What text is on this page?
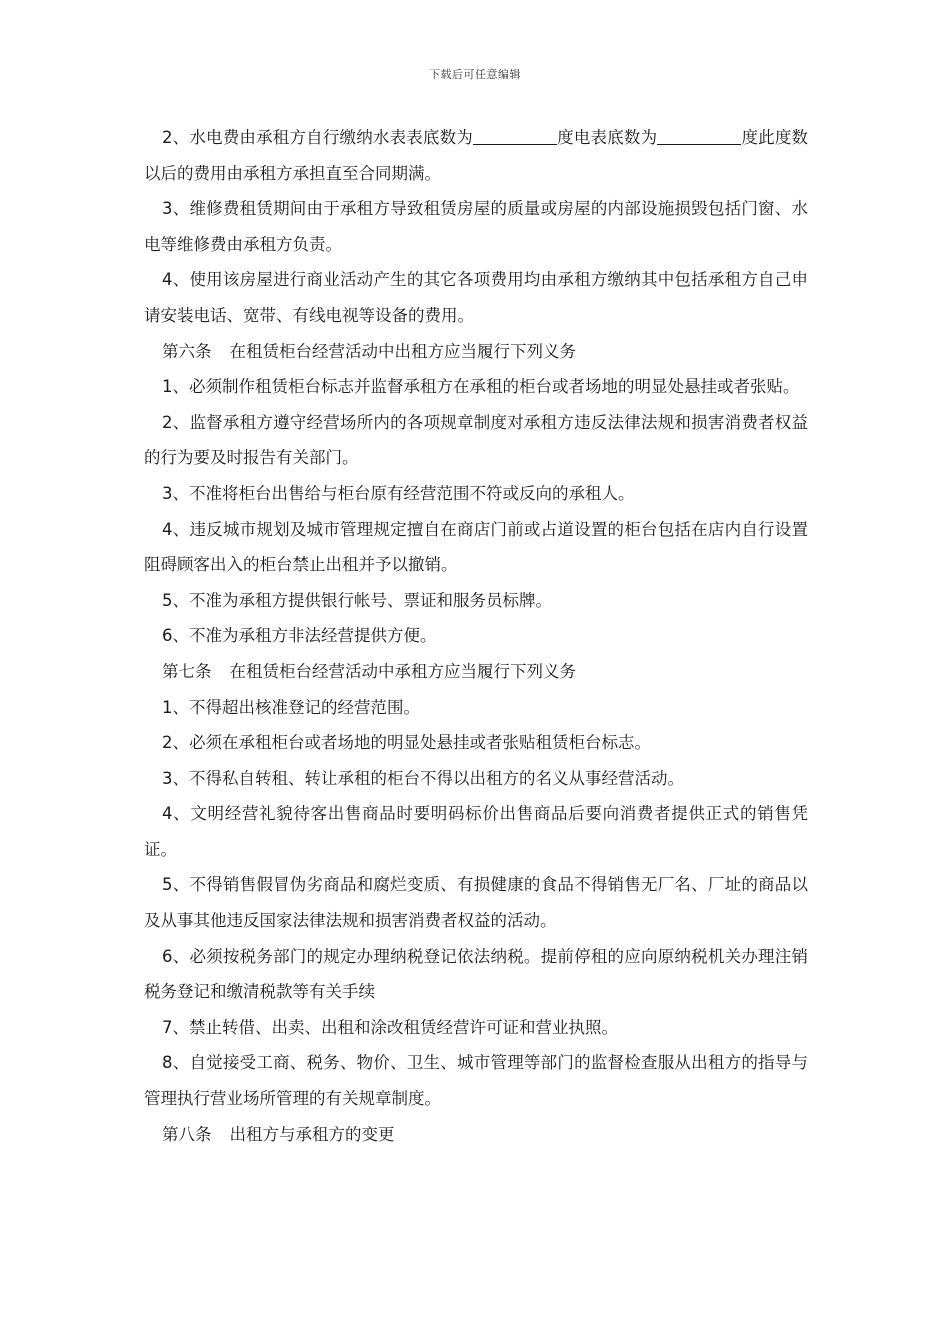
下载后可任意编辑

2、水电费由承租方自行缴纳水表表底数为	度电表底数为	度此度数以后的费用由承租方承担直至合同期满。

3、维修费租赁期间由于承租方导致租赁房屋的质量或房屋的内部设施损毁包括门窗、水电等维修费由承租方负责。

4、使用该房屋进行商业活动产生的其它各项费用均由承租方缴纳其中包括承租方自己申请安装电话、宽带、有线电视等设备的费用。

第六条 在租赁柜台经营活动中出租方应当履行下列义务

1、必须制作租赁柜台标志并监督承租方在承租的柜台或者场地的明显处悬挂或者张贴。

2、监督承租方遵守经营场所内的各项规章制度对承租方违反法律法规和损害消费者权益的行为要及时报告有关部门。

3、不准将柜台出售给与柜台原有经营范围不符或反向的承租人。

4、违反城市规划及城市管理规定擅自在商店门前或占道设置的柜台包括在店内自行设置阻碍顾客出入的柜台禁止出租并予以撤销。

5、不准为承租方提供银行帐号、票证和服务员标牌。

6、不准为承租方非法经营提供方便。

第七条 在租赁柜台经营活动中承租方应当履行下列义务

1、不得超出核准登记的经营范围。

2、必须在承租柜台或者场地的明显处悬挂或者张贴租赁柜台标志。

3、不得私自转租、转让承租的柜台不得以出租方的名义从事经营活动。

4、文明经营礼貌待客出售商品时要明码标价出售商品后要向消费者提供正式的销售凭证。

5、不得销售假冒伪劣商品和腐烂变质、有损健康的食品不得销售无厂名、厂址的商品以及从事其他违反国家法律法规和损害消费者权益的活动。

6、必须按税务部门的规定办理纳税登记依法纳税。提前停租的应向原纳税机关办理注销税务登记和缴清税款等有关手续

7、禁止转借、出卖、出租和涂改租赁经营许可证和营业执照。

8、自觉接受工商、税务、物价、卫生、城市管理等部门的监督检查服从出租方的指导与管理执行营业场所管理的有关规章制度。

第八条 出租方与承租方的变更
